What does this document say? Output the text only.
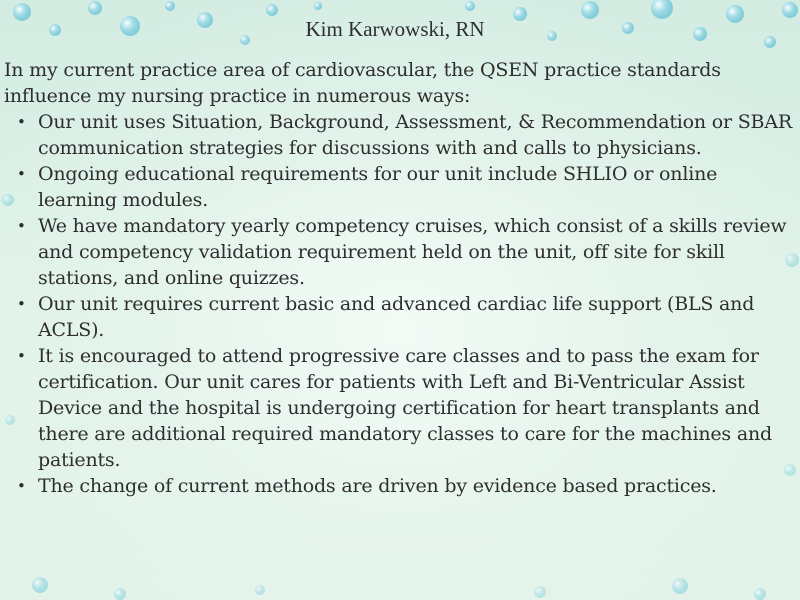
Kim Karwowski, RN

In my current practice area of cardiovascular, the QSEN practice standards influence my nursing practice in numerous ways:

• Our unit uses Situation, Background, Assessment, & Recommendation or SBAR communication strategies for discussions with and calls to physicians.
• Ongoing educational requirements for our unit include SHLIO or online learning modules.
• We have mandatory yearly competency cruises, which consist of a skills review and competency validation requirement held on the unit, off site for skill stations, and online quizzes.
• Our unit requires current basic and advanced cardiac life support (BLS and ACLS).
• It is encouraged to attend progressive care classes and to pass the exam for certification. Our unit cares for patients with Left and Bi-Ventricular Assist Device and the hospital is undergoing certification for heart transplants and there are additional required mandatory classes to care for the machines and patients.
• The change of current methods are driven by evidence based practices.
